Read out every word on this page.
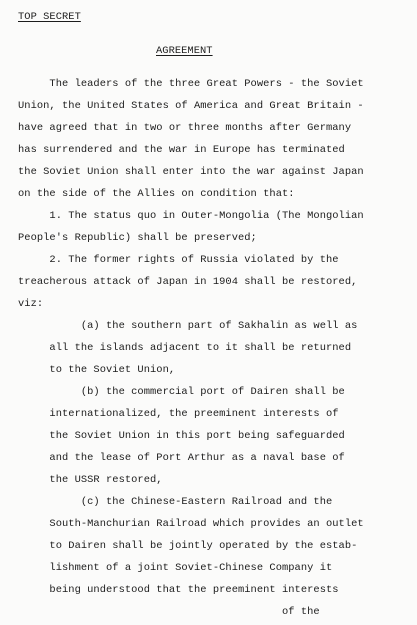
TOP SECRET
AGREEMENT
The leaders of the three Great Powers - the Soviet
Union, the United States of America and Great Britain -
have agreed that in two or three months after Germany
has surrendered and the war in Europe has terminated
the Soviet Union shall enter into the war against Japan
on the side of the Allies on condition that:
1. The status quo in Outer-Mongolia (The Mongolian
People's Republic) shall be preserved;
2. The former rights of Russia violated by the
treacherous attack of Japan in 1904 shall be restored,
viz:
(a) the southern part of Sakhalin as well as
all the islands adjacent to it shall be returned
to the Soviet Union,
(b) the commercial port of Dairen shall be
internationalized, the preeminent interests of
the Soviet Union in this port being safeguarded
and the lease of Port Arthur as a naval base of
the USSR restored,
(c) the Chinese-Eastern Railroad and the
South-Manchurian Railroad which provides an outlet
to Dairen shall be jointly operated by the estab-
lishment of a joint Soviet-Chinese Company it
being understood that the preeminent interests
of the
